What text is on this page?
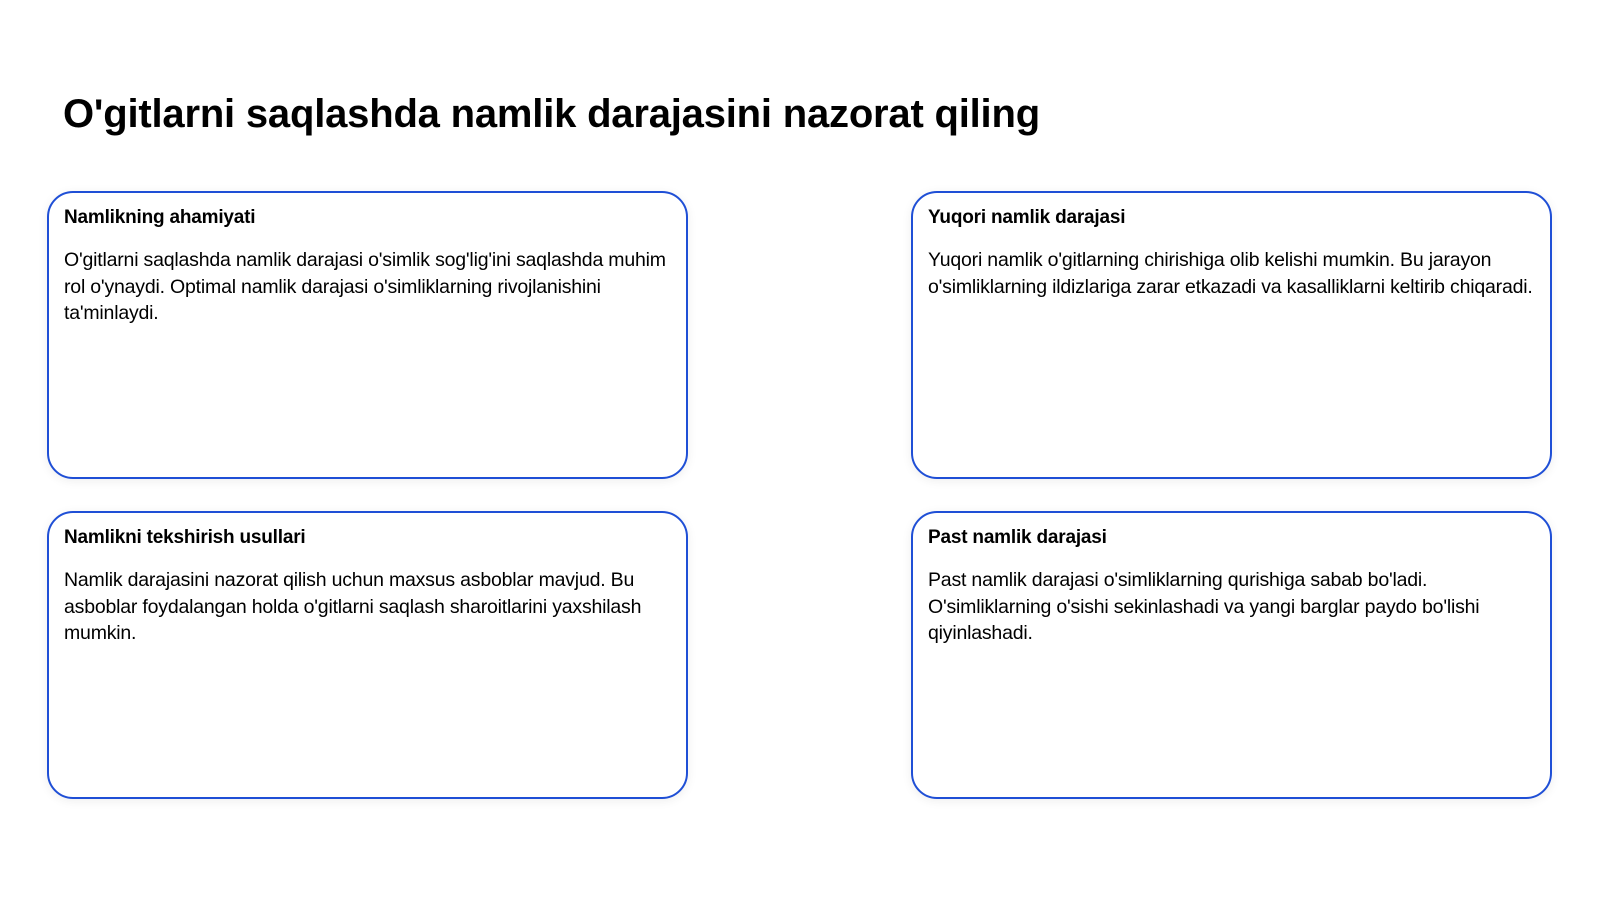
O'gitlarni saqlashda namlik darajasini nazorat qiling
Namlikning ahamiyati

O'gitlarni saqlashda namlik darajasi o'simlik sog'lig'ini saqlashda muhim rol o'ynaydi. Optimal namlik darajasi o'simliklarning rivojlanishini ta'minlaydi.

Yuqori namlik darajasi

Yuqori namlik o'gitlarning chirishiga olib kelishi mumkin. Bu jarayon o'simliklarning ildizlariga zarar etkazadi va kasalliklarni keltirib chiqaradi.

Namlikni tekshirish usullari

Namlik darajasini nazorat qilish uchun maxsus asboblar mavjud. Bu asboblar foydalangan holda o'gitlarni saqlash sharoitlarini yaxshilash mumkin.

Past namlik darajasi

Past namlik darajasi o'simliklarning qurishiga sabab bo'ladi. O'simliklarning o'sishi sekinlashadi va yangi barglar paydo bo'lishi qiyinlashadi.
